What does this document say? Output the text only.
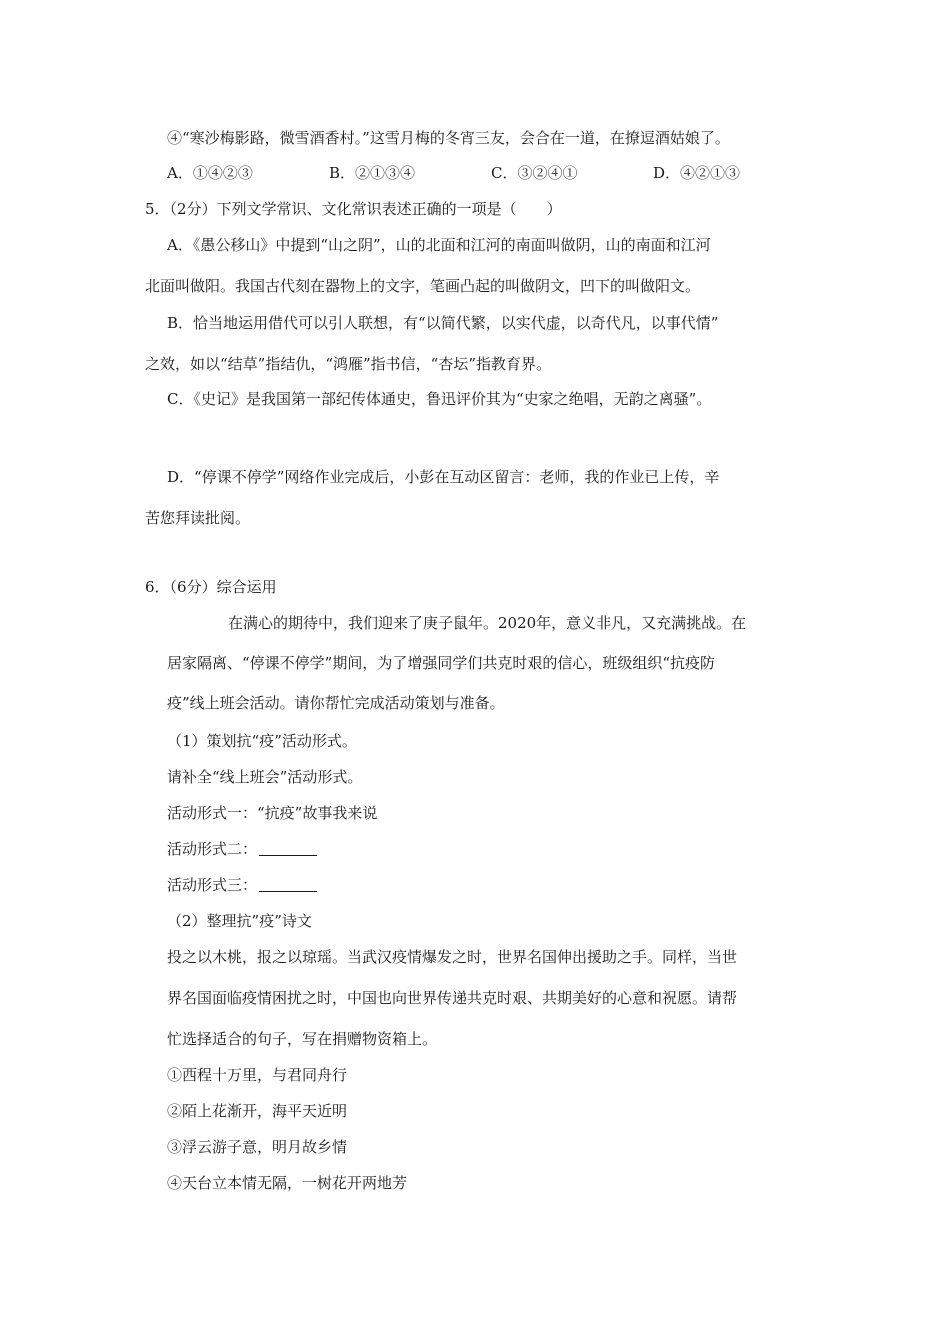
④“寒沙梅影路，微雪酒香村。”这雪月梅的冬宵三友，会合在一道，在撩逗酒姑娘了。
A．①④②③	B．②①③④	C．③②④①	D．④②①③
5．（2分）下列文学常识、文化常识表述正确的一项是（　　）
A．《愚公移山》中提到“山之阴”，山的北面和江河的南面叫做阴，山的南面和江河
北面叫做阳。我国古代刻在器物上的文字，笔画凸起的叫做阴文，凹下的叫做阳文。
B．恰当地运用借代可以引人联想，有“以简代繁，以实代虚，以奇代凡，以事代情”
之效，如以“结草”指结仇，“鸿雁”指书信，“杏坛”指教育界。
C．《史记》是我国第一部纪传体通史，鲁迅评价其为“史家之绝唱，无韵之离骚”。
D．“停课不停学”网络作业完成后，小彭在互动区留言：老师，我的作业已上传，辛
苦您拜读批阅。
6．（6分）综合运用
在满心的期待中，我们迎来了庚子鼠年。2020年，意义非凡，又充满挑战。在
居家隔离、“停课不停学”期间，为了增强同学们共克时艰的信心，班级组织“抗疫防
疫”线上班会活动。请你帮忙完成活动策划与准备。
（1）策划抗“疫”活动形式。
请补全“线上班会”活动形式。
活动形式一：“抗疫”故事我来说
活动形式二：
活动形式三：
（2）整理抗”疫”诗文
投之以木桃，报之以琼瑶。当武汉疫情爆发之时，世界名国伸出援助之手。同样，当世
界名国面临疫情困扰之时，中国也向世界传递共克时艰、共期美好的心意和祝愿。请帮
忙选择适合的句子，写在捐赠物资箱上。
①西程十万里，与君同舟行
②陌上花渐开，海平天近明
③浮云游子意，明月故乡情
④天台立本情无隔，一树花开两地芳
